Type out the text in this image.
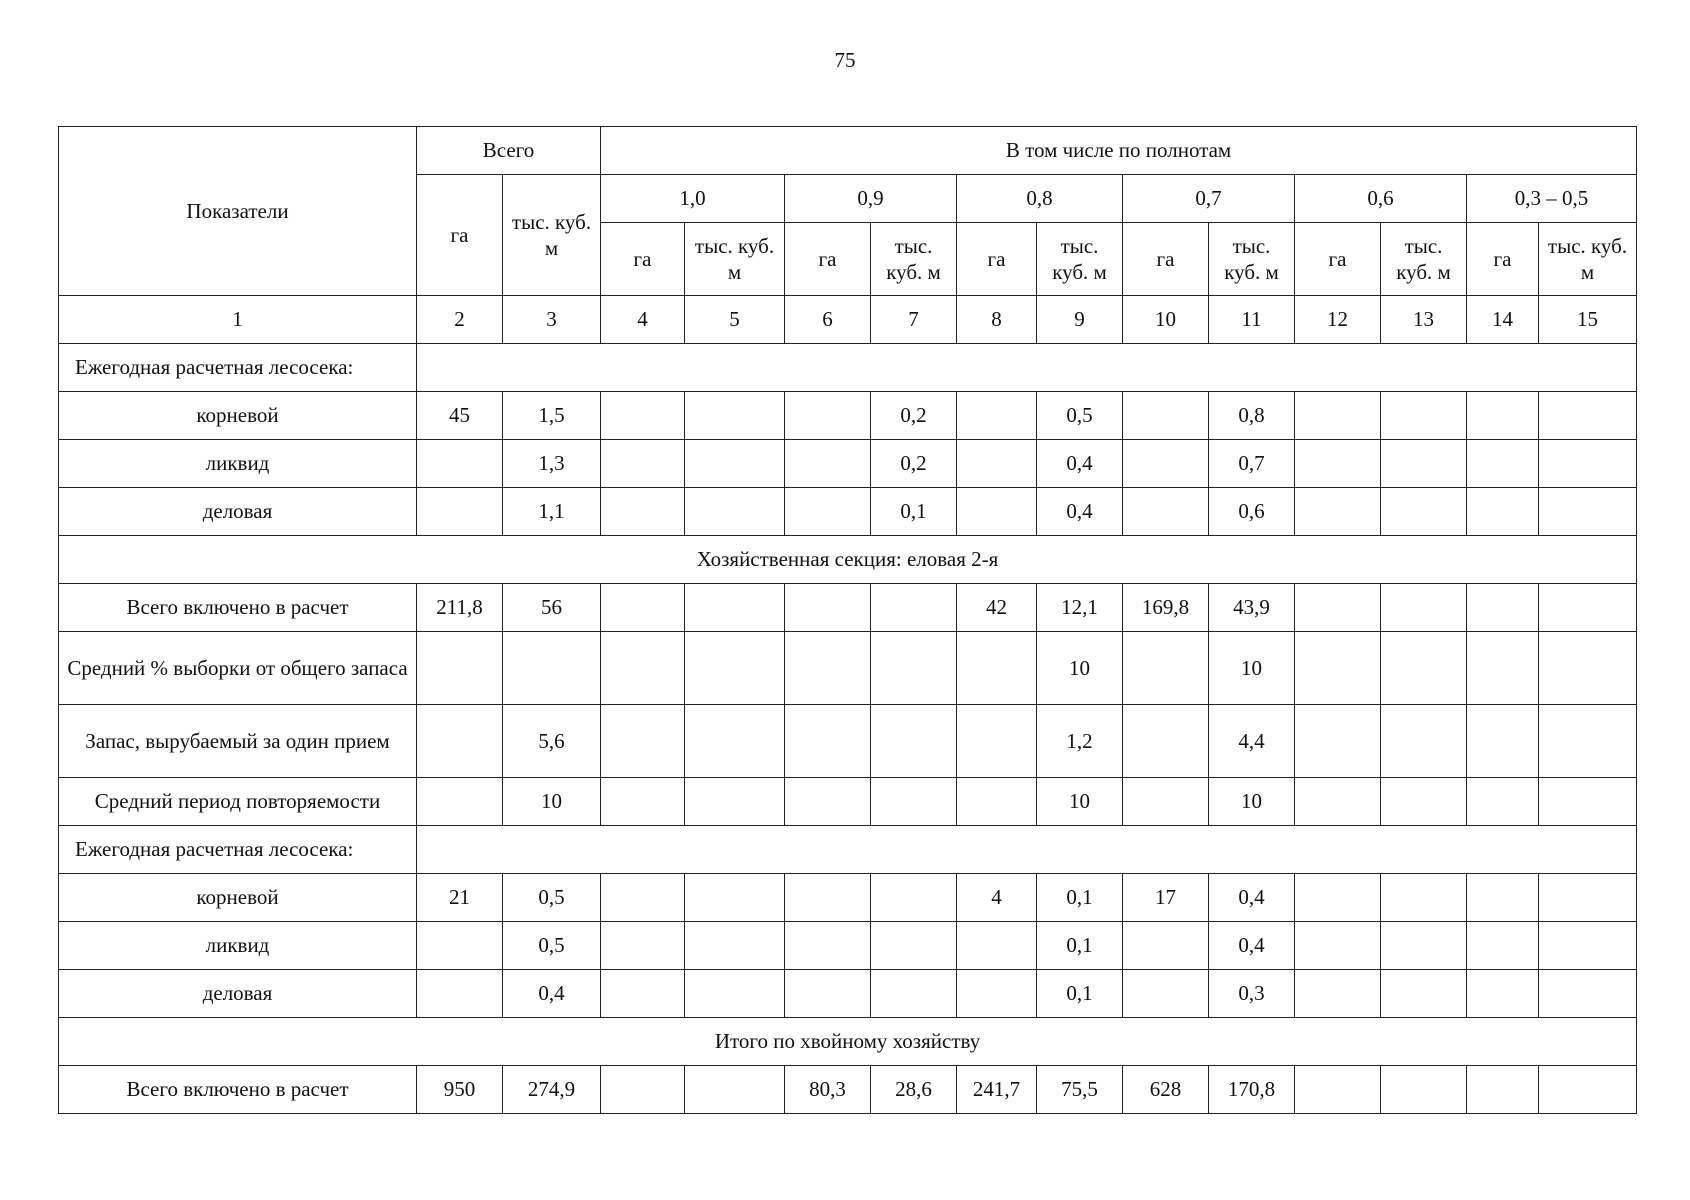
75
Показатели	Всего		В том числе по полнотам											
	га	тыс. куб. м	1,0		0,9		0,8		0,7		0,6		0,3 – 0,5	
			га	тыс. куб. м	га	тыс. куб. м	га	тыс. куб. м	га	тыс. куб. м	га	тыс. куб. м	га	тыс. куб. м
1	2	3	4	5	6	7	8	9	10	11	12	13	14	15
Ежегодная расчетная лесосека:														
корневой	45	1,5				0,2		0,5		0,8				
ликвид		1,3				0,2		0,4		0,7				
деловая		1,1				0,1		0,4		0,6				
Хозяйственная секция: еловая 2-я														
Всего включено в расчет	211,8	56					42	12,1	169,8	43,9				
Средний % выборки от общего запаса								10		10				
Запас, вырубаемый за один прием		5,6						1,2		4,4				
Средний период повторяемости		10						10		10				
Ежегодная расчетная лесосека:														
корневой	21	0,5					4	0,1	17	0,4				
ликвид		0,5						0,1		0,4				
деловая		0,4						0,1		0,3				
Итого по хвойному хозяйству														
Всего включено в расчет	950	274,9			80,3	28,6	241,7	75,5	628	170,8				
